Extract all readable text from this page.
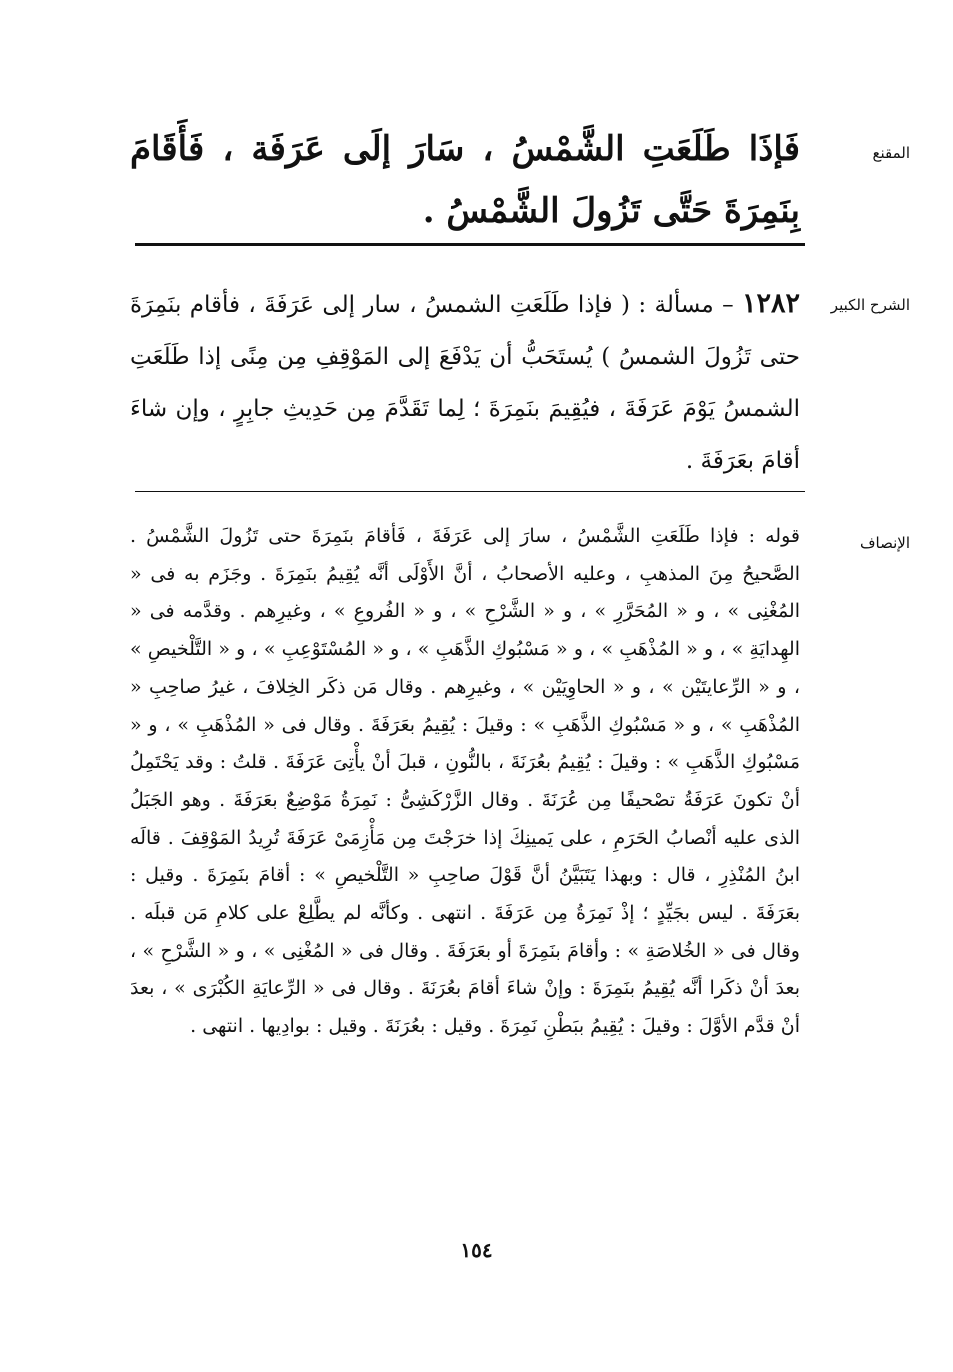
المقنع
فَإذَا طَلَعَتِ الشَّمْسُ ، سَارَ إلَى عَرَفَة ، فَأَقَامَ بِنَمِرَةَ حَتَّى تَزُولَ الشَّمْسُ .
الشرح الكبير
١٢٨٢ – مسألة : ( فإذا طَلَعَتِ الشمسُ ، سار إلى عَرَفَةَ ، فأقام بنَمِرَةَ حتى تَزُولَ الشمسُ ) يُستَحَبُّ أن يَدْفَعَ إلى المَوْقِفِ مِن مِنًى إذا طَلَعَتِ الشمسُ يَوْمَ عَرَفَةَ ، فيُقِيمَ بنَمِرَةَ ؛ لِما تَقَدَّمَ مِن حَدِيثِ جابِرٍ ، وإن شاءَ أقامَ بعَرَفَةَ .
الإنصاف

قوله : فإذا طَلَعَتِ الشَّمْسُ ، سارَ إلى عَرَفَةَ ، فَأقامَ بنَمِرَةَ حتى تَزُولَ الشَّمْسُ . الصَّحيحُ مِنَ المذهبِ ، وعليه الأصحابُ ، أنَّ الأَوْلَى أنَّه يُقِيمُ بنَمِرَةَ . وجَزَم به فى « المُغْنِى » ، و « المُحَرَّرِ » ، و « الشَّرْحِ » ، و « الفُروعِ » ، وغيرِهم . وقدَّمه فى « الهِدايَةِ » ، و « المُذْهَبِ » ، و « مَسْبُوكِ الذَّهَبِ » ، و « المُسْتَوْعِبِ » ، و « التَّلْخيصِ » ، و « الرِّعايتَيْن » ، و « الحاوِيَيْن » ، وغيرِهم . وقال مَن ذكَر الخِلافَ ، غيرُ صاحِبِ « المُذْهَبِ » ، و « مَسْبُوكِ الذَّهَبِ » : وقيلَ : يُقِيمُ بعَرَفَةَ . وقال فى « المُذْهَبِ » ، و « مَسْبُوكِ الذَّهَبِ » : وقيلَ : يُقِيمُ بعُرَنَةَ ، بالنُّونِ ، قبلَ أنْ يأْتِىَ عَرَفَةَ . قلتُ : وقد يَحْتَمِلُ أنْ تكونَ عَرَفَةُ تصْحيفًا مِن عُرَنَةَ . وقال الزَّرْكَشِىُّ : نَمِرَةُ مَوْضِعٌ بعَرَفَةَ . وهو الجَبَلُ الذى عليه أنْصابُ الحَرَمِ ، على يَمينِكَ إذا خرَجْتَ مِن مَأْزِمَىْ عَرَفَةَ تُرِيدُ المَوْقِفَ . قالَه ابنُ المُنْذِرِ ، قال : وبهذا يَتَبَيَّنُ أنَّ قَوْلَ صاحِبِ « التَّلْخيصِ » : أقامَ بنَمِرَةَ . وقيل : بعَرَفَةَ . ليس بجَيِّدٍ ؛ إذْ نَمِرَةُ مِن عَرَفَةَ . انتهى . وكأنَّه لم يطَّلِعْ على كلامِ مَن قبلَه . وقال فى « الخُلاصَةِ » : وأقامَ بنَمِرَةَ أو بعَرَفَةَ . وقال فى « المُغْنِى » ، و « الشَّرْحِ » ، بعدَ أنْ ذكَرا أنَّه يُقِيمُ بنَمِرَةَ : وإنْ شاءَ أقامَ بعُرَنَةَ . وقال فى « الرِّعايَةِ الكُبْرَى » ، بعدَ أنْ قدَّم الأوَّلَ : وقيلَ : يُقِيمُ ببَطْنِ نَمِرَةَ . وقيل : بعُرَنَةَ . وقيل : بوادِيها . انتهى .

١٥٤
